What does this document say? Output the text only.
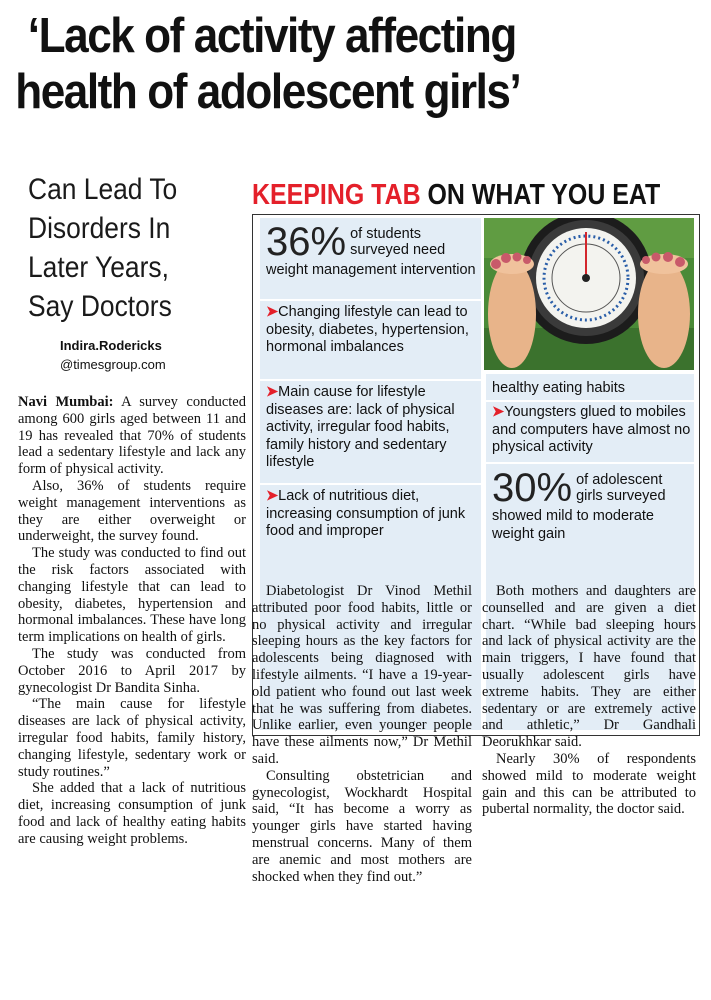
‘Lack of activity affecting
health of adolescent girls’
Can Lead To
Disorders In
Later Years,
Say Doctors
Indira.Rodericks
@timesgroup.com
KEEPING TAB ON WHAT YOU EAT
36% of students
surveyed need
weight management intervention
➤Changing lifestyle can lead to obesity, diabetes, hypertension, hormonal imbalances
➤Main cause for lifestyle diseases are: lack of physical activity, irregular food habits, family history and sedentary lifestyle
➤Lack of nutritious diet, increasing consumption of junk food and improper
healthy eating habits
➤Youngsters glued to mobiles and computers have almost no physical activity
30% of adolescent
girls surveyed
showed mild to moderate weight gain

Navi Mumbai: A survey conducted among 600 girls aged between 11 and 19 has revealed that 70% of students lead a sedentary lifestyle and lack any form of physical activity.

Also, 36% of students require weight management interventions as they are either overweight or underweight, the survey found.

The study was conducted to find out the risk factors associated with changing lifestyle that can lead to obesity, diabetes, hypertension and hormonal imbalances. These have long term implications on health of girls.

The study was conducted from October 2016 to April 2017 by gynecologist Dr Bandita Sinha.

“The main cause for lifestyle diseases are lack of physical activity, irregular food habits, family history, changing lifestyle, sedentary work or study routines.”

She added that a lack of nutritious diet, increasing consumption of junk food and lack of healthy eating habits are causing weight problems.

Diabetologist Dr Vinod Methil attributed poor food habits, little or no physical activity and irregular sleeping hours as the key factors for adolescents being diagnosed with lifestyle ailments. “I have a 19-year-old patient who found out last week that he was suffering from diabetes. Unlike earlier, even younger people have these ailments now,” Dr Methil said.

Consulting obstetrician and gynecologist, Wockhardt Hospital said, “It has become a worry as younger girls have started having menstrual concerns. Many of them are anemic and most mothers are shocked when they find out.”

Both mothers and daughters are counselled and are given a diet chart. “While bad sleeping hours and lack of physical activity are the main triggers, I have found that usually adolescent girls have extreme habits. They are either sedentary or are extremely active and athletic,” Dr Gandhali Deorukhkar said.

Nearly 30% of respondents showed mild to moderate weight gain and this can be attributed to pubertal normality, the doctor said.
